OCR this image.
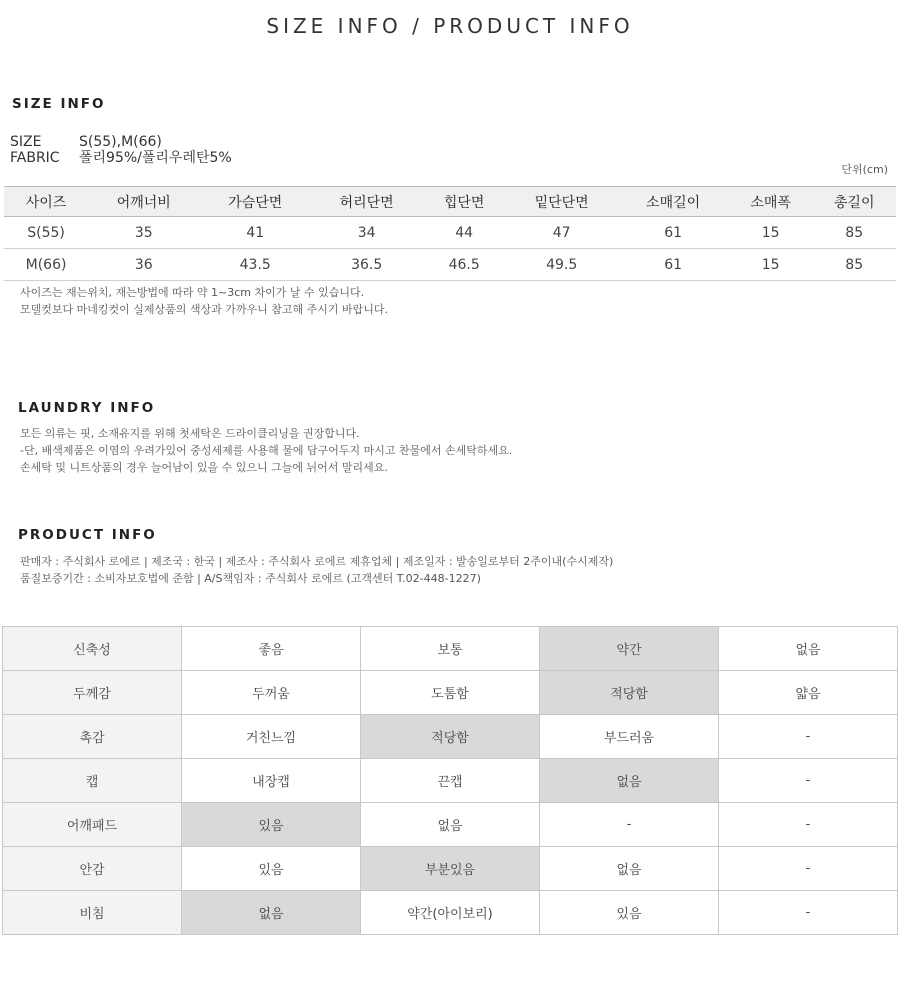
SIZE INFO / PRODUCT INFO
SIZE INFO
SIZE	S(55),M(66)
FABRIC	폴리95%/폴리우레탄5%
단위(cm)
사이즈	어깨너비	가슴단면	허리단면	힙단면	밑단단면	소매길이	소매폭	총길이
S(55)	35	41	34	44	47	61	15	85
M(66)	36	43.5	36.5	46.5	49.5	61	15	85
사이즈는 재는위치, 재는방법에 따라 약 1~3cm 차이가 날 수 있습니다.
모델컷보다 마네킹컷이 실제상품의 색상과 가까우니 참고해 주시기 바랍니다.
LAUNDRY INFO
모든 의류는 핏, 소재유지를 위해 첫세탁은 드라이클리닝을 권장합니다.
-단, 배색제품은 이염의 우려가있어 중성세제를 사용해 물에 담구어두지 마시고 찬물에서 손세탁하세요.
손세탁 및 니트상품의 경우 늘어남이 있을 수 있으니 그늘에 뉘어서 말리세요.
PRODUCT INFO
판매자 : 주식회사 로에르 | 제조국 : 한국 | 제조사 : 주식회사 로에르 제휴업체 | 제조일자 : 발송일로부터 2주이내(수시제작)
품질보증기간 : 소비자보호법에 준함 | A/S책임자 : 주식회사 로에르 (고객센터 T.02-448-1227)
신축성	좋음	보통	약간	없음
두께감	두꺼움	도톰함	적당함	얇음
촉감	거친느낌	적당함	부드러움	-
캡	내장캡	끈캡	없음	-
어깨패드	있음	없음	-	-
안감	있음	부분있음	없음	-
비침	없음	약간(아이보리)	있음	-
